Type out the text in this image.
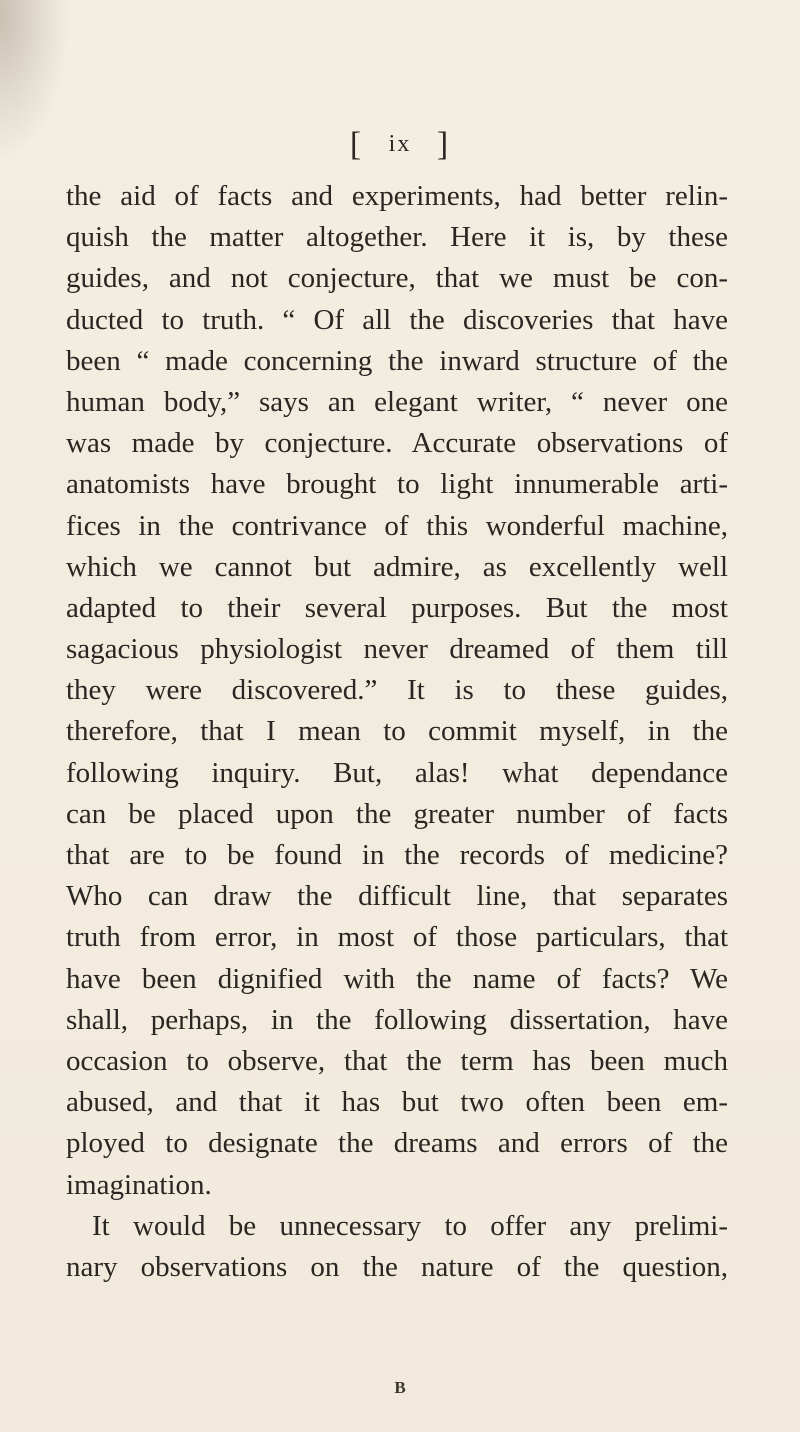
[ ix ]
the aid of facts and experiments, had better relin-
quish the matter altogether. Here it is, by these
guides, and not conjecture, that we must be con-
ducted to truth. “ Of all the discoveries that have
been “ made concerning the inward structure of the
human body,” says an elegant writer, “ never one
was made by conjecture. Accurate observations of
anatomists have brought to light innumerable arti-
fices in the contrivance of this wonderful machine,
which we cannot but admire, as excellently well
adapted to their several purposes. But the most
sagacious physiologist never dreamed of them till
they were discovered.” It is to these guides,
therefore, that I mean to commit myself, in the
following inquiry. But, alas! what dependance
can be placed upon the greater number of facts
that are to be found in the records of medicine?
Who can draw the difficult line, that separates
truth from error, in most of those particulars, that
have been dignified with the name of facts? We
shall, perhaps, in the following dissertation, have
occasion to observe, that the term has been much
abused, and that it has but two often been em-
ployed to designate the dreams and errors of the
imagination.
It would be unnecessary to offer any prelimi-
nary observations on the nature of the question,
B
